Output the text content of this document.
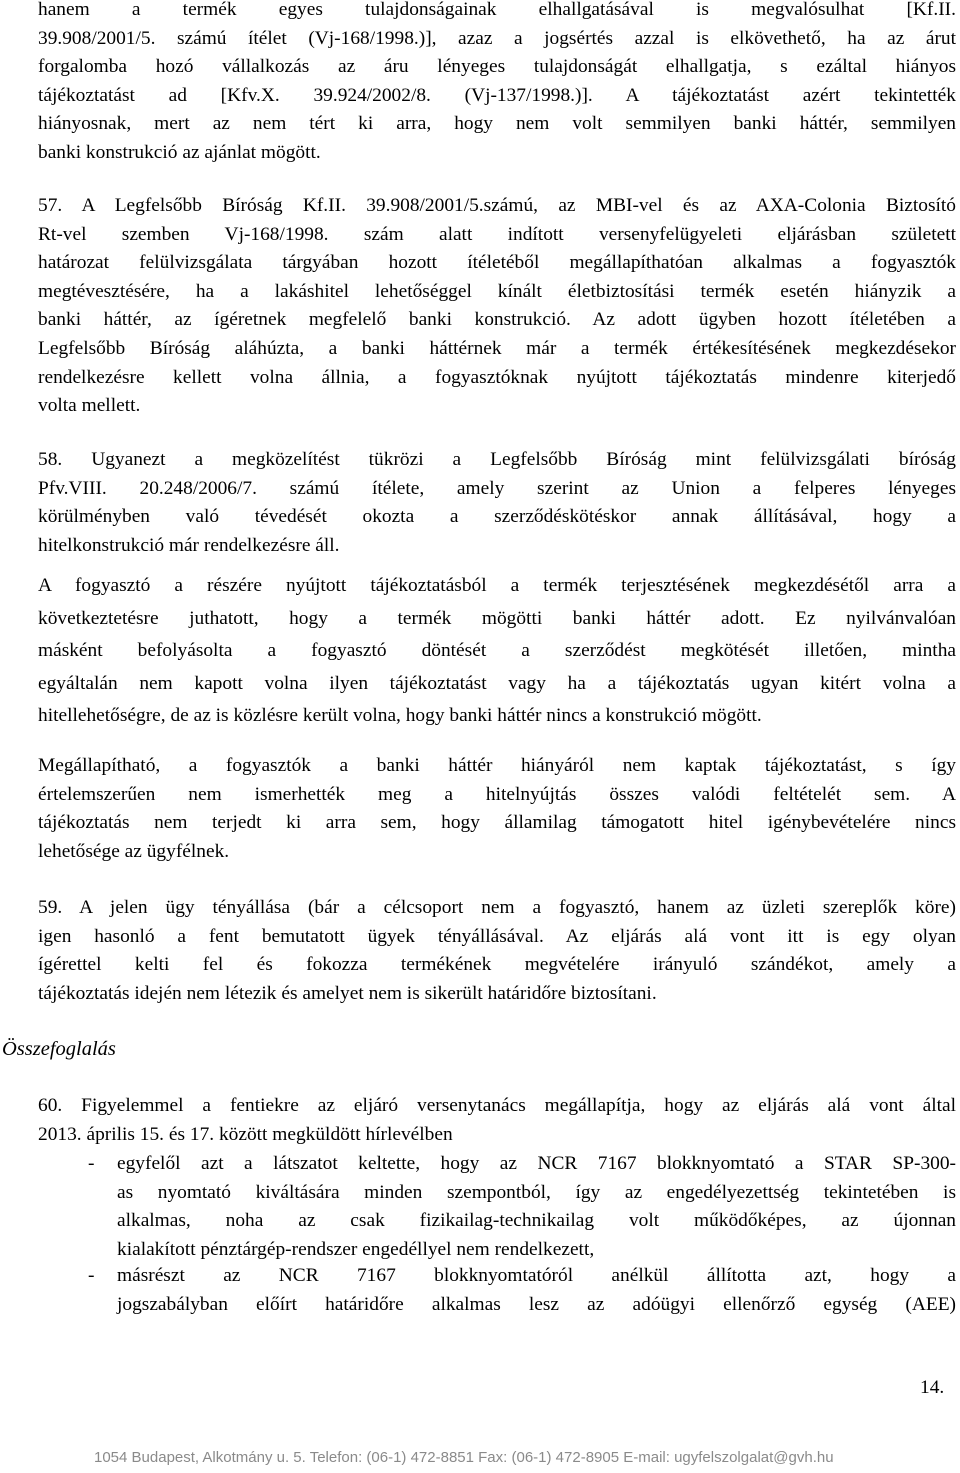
hanem a termék egyes tulajdonságainak elhallgatásával is megvalósulhat [Kf.II.
39.908/2001/5. számú ítélet (Vj-168/1998.)], azaz a jogsértés azzal is elkövethető, ha az árut
forgalomba hozó vállalkozás az áru lényeges tulajdonságát elhallgatja, s ezáltal hiányos
tájékoztatást ad [Kfv.X. 39.924/2002/8. (Vj-137/1998.)]. A tájékoztatást azért tekintették
hiányosnak, mert az nem tért ki arra, hogy nem volt semmilyen banki háttér, semmilyen
banki konstrukció az ajánlat mögött.
57. A Legfelsőbb Bíróság Kf.II. 39.908/2001/5.számú, az MBI-vel és az AXA-Colonia Biztosító
Rt-vel szemben Vj-168/1998. szám alatt indított versenyfelügyeleti eljárásban született
határozat felülvizsgálata tárgyában hozott ítéletéből megállapíthatóan alkalmas a fogyasztók
megtévesztésére, ha a lakáshitel lehetőséggel kínált életbiztosítási termék esetén hiányzik a
banki háttér, az ígéretnek megfelelő banki konstrukció. Az adott ügyben hozott ítéletében a
Legfelsőbb Bíróság aláhúzta, a banki háttérnek már a termék értékesítésének megkezdésekor
rendelkezésre kellett volna állnia, a fogyasztóknak nyújtott tájékoztatás mindenre kiterjedő
volta mellett.
58. Ugyanezt a megközelítést tükrözi a Legfelsőbb Bíróság mint felülvizsgálati bíróság
Pfv.VIII. 20.248/2006/7. számú ítélete, amely szerint az Union a felperes lényeges
körülményben való tévedését okozta a szerződéskötéskor annak állításával, hogy a
hitelkonstrukció már rendelkezésre áll.
A fogyasztó a részére nyújtott tájékoztatásból a termék terjesztésének megkezdésétől arra a
következtetésre juthatott, hogy a termék mögötti banki háttér adott. Ez nyilvánvalóan
másként befolyásolta a fogyasztó döntését a szerződést megkötését illetően, mintha
egyáltalán nem kapott volna ilyen tájékoztatást vagy ha a tájékoztatás ugyan kitért volna a
hitellehetőségre, de az is közlésre került volna, hogy banki háttér nincs a konstrukció mögött.
Megállapítható, a fogyasztók a banki háttér hiányáról nem kaptak tájékoztatást, s így
értelemszerűen nem ismerhették meg a hitelnyújtás összes valódi feltételét sem. A
tájékoztatás nem terjedt ki arra sem, hogy államilag támogatott hitel igénybevételére nincs
lehetősége az ügyfélnek.
59. A jelen ügy tényállása (bár a célcsoport nem a fogyasztó, hanem az üzleti szereplők köre)
igen hasonló a fent bemutatott ügyek tényállásával. Az eljárás alá vont itt is egy olyan
ígérettel kelti fel és fokozza termékének megvételére irányuló szándékot, amely a
tájékoztatás idején nem létezik és amelyet nem is sikerült határidőre biztosítani.
Összefoglalás
60. Figyelemmel a fentiekre az eljáró versenytanács megállapítja, hogy az eljárás alá vont által
2013. április 15. és 17. között megküldött hírlevélben
- egyfelől azt a látszatot keltette, hogy az NCR 7167 blokknyomtató a STAR SP-300-
as nyomtató kiváltására minden szempontból, így az engedélyezettség tekintetében is
alkalmas, noha az csak fizikailag-technikailag volt működőképes, az újonnan
kialakított pénztárgép-rendszer engedéllyel nem rendelkezett,
- másrészt az NCR 7167 blokknyomtatóról anélkül állította azt, hogy a
jogszabályban előírt határidőre alkalmas lesz az adóügyi ellenőrző egység (AEE)
14.
1054 Budapest, Alkotmány u. 5. Telefon: (06-1) 472-8851 Fax: (06-1) 472-8905 E-mail: ugyfelszolgalat@gvh.hu
